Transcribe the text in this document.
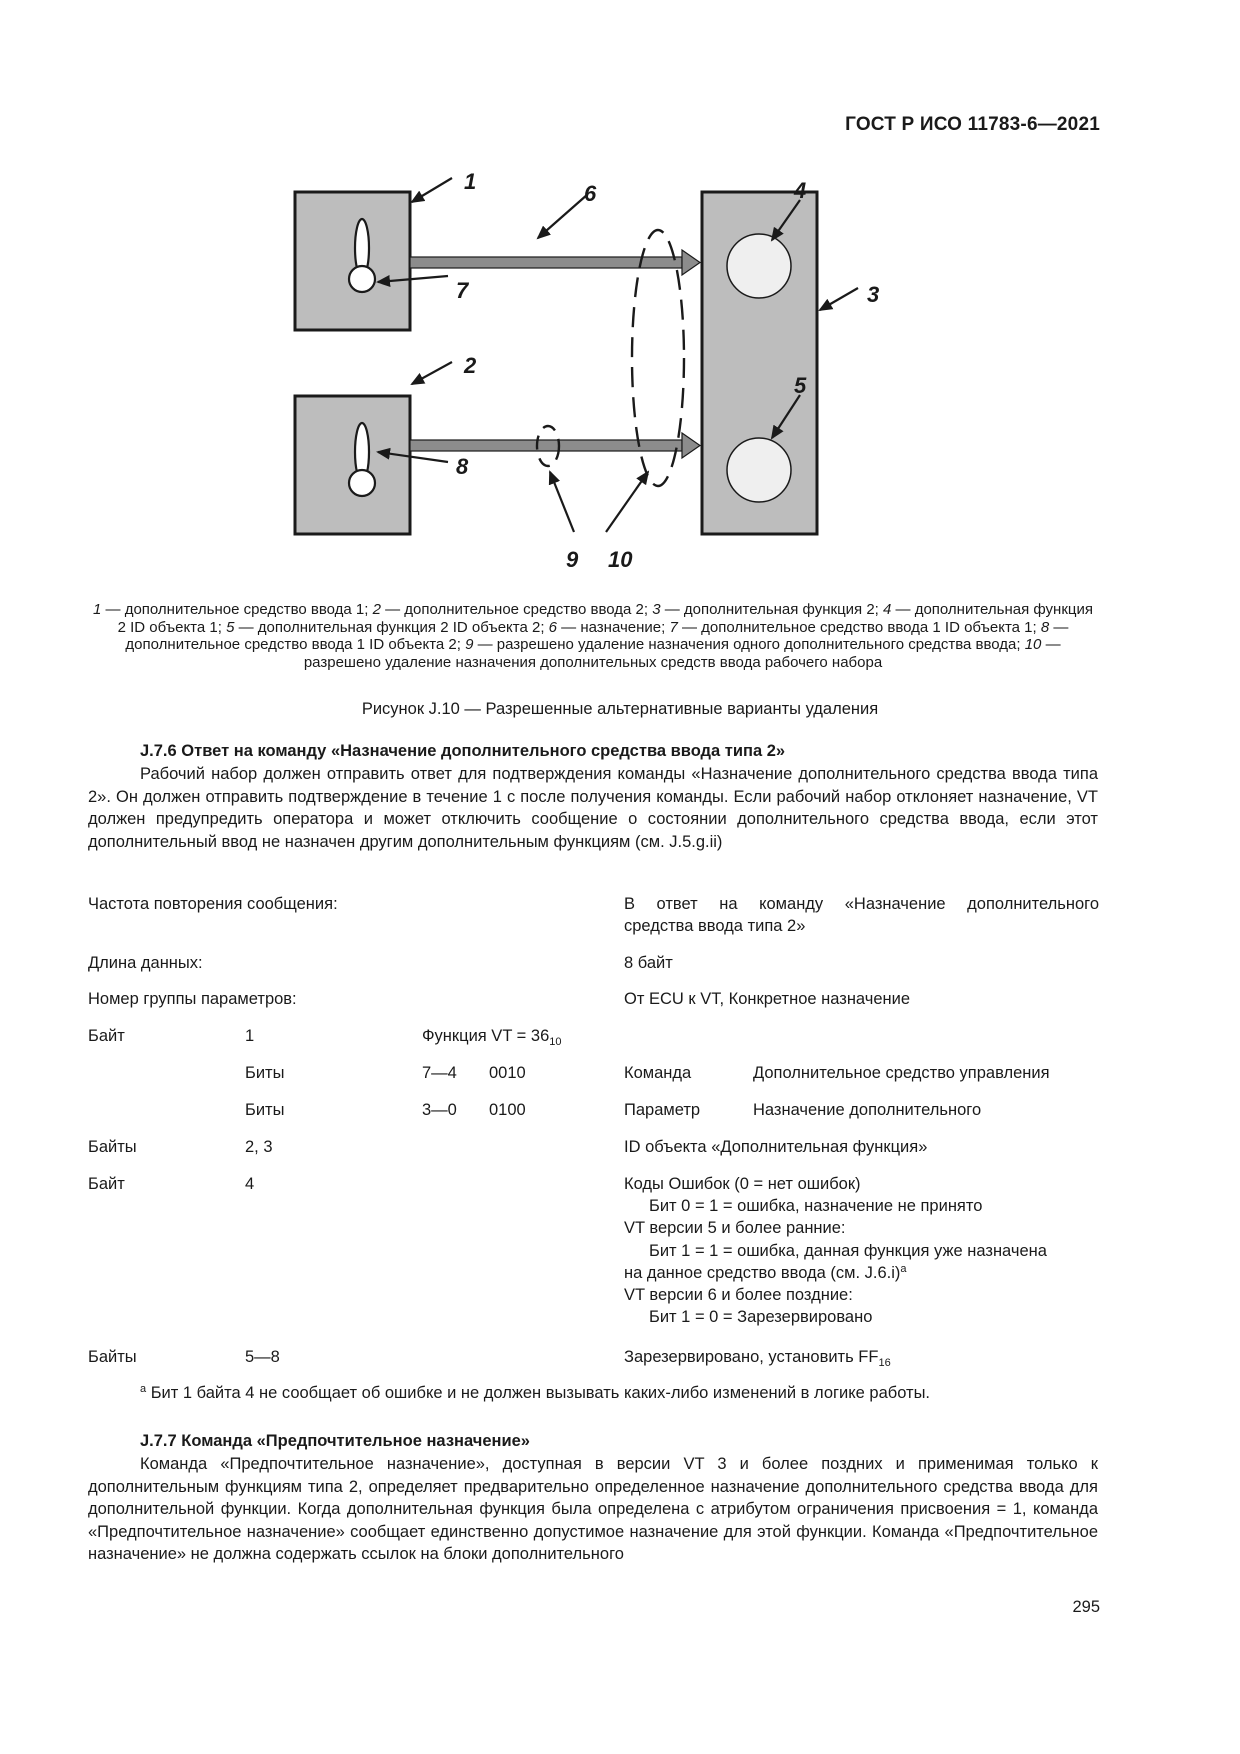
ГОСТ Р ИСО 11783-6—2021
1
2
3
4
5
6
7
8
9 10
1 — дополнительное средство ввода 1; 2 — дополнительное средство ввода 2; 3 — дополнительная функция 2; 4 — дополнительная функция 2 ID объекта 1; 5 — дополнительная функция 2 ID объекта 2; 6 — назначение; 7 — дополнительное средство ввода 1 ID объекта 1; 8 — дополнительное средство ввода 1 ID объекта 2; 9 — разрешено удаление назначения одного дополнительного средства ввода; 10 — разрешено удаление назначения дополнительных средств ввода рабочего набора
Рисунок J.10 — Разрешенные альтернативные варианты удаления
J.7.6 Ответ на команду «Назначение дополнительного средства ввода типа 2»
Рабочий набор должен отправить ответ для подтверждения команды «Назначение дополнительного средства ввода типа 2». Он должен отправить подтверждение в течение 1 с после получения команды. Если рабочий набор отклоняет назначение, VT должен предупредить оператора и может отключить сообщение о состоянии дополнительного средства ввода, если этот дополнительный ввод не назначен другим дополнительным функциям (см. J.5.g.ii)
Частота повторения сообщения:	В ответ на команду «Назначение дополнительного
средства ввода типа 2»
Длина данных:	8 байт
Номер группы параметров:	От ECU к VT, Конкретное назначение
Байт	1	Функция VT = $36_{10}$
Биты	7—4 0010	Команда	Дополнительное средство управления
Биты	3—0 0100	Параметр	Назначение дополнительного
Байты	2, 3	ID объекта «Дополнительная функция»
Байт	4	Коды Ошибок (0 = нет ошибок)
Бит 0 = 1 = ошибка, назначение не принято
VT версии 5 и более ранние:
Бит 1 = 1 = ошибка, данная функция уже назначена
на данное средство ввода (см. J.6.i)$^a$
VT версии 6 и более поздние:
Бит 1 = 0 = Зарезервировано
Байты	5—8	Зарезервировано, установить $FF_{16}$
$^a$ Бит 1 байта 4 не сообщает об ошибке и не должен вызывать каких-либо изменений в логике работы.
J.7.7 Команда «Предпочтительное назначение»
Команда «Предпочтительное назначение», доступная в версии VT 3 и более поздних и применимая только к дополнительным функциям типа 2, определяет предварительно определенное назначение дополнительного средства ввода для дополнительной функции. Когда дополнительная функция была определена с атрибутом ограничения присвоения = 1, команда «Предпочтительное назначение» сообщает единственно допустимое назначение для этой функции. Команда «Предпочтительное назначение» не должна содержать ссылок на блоки дополнительного
295
